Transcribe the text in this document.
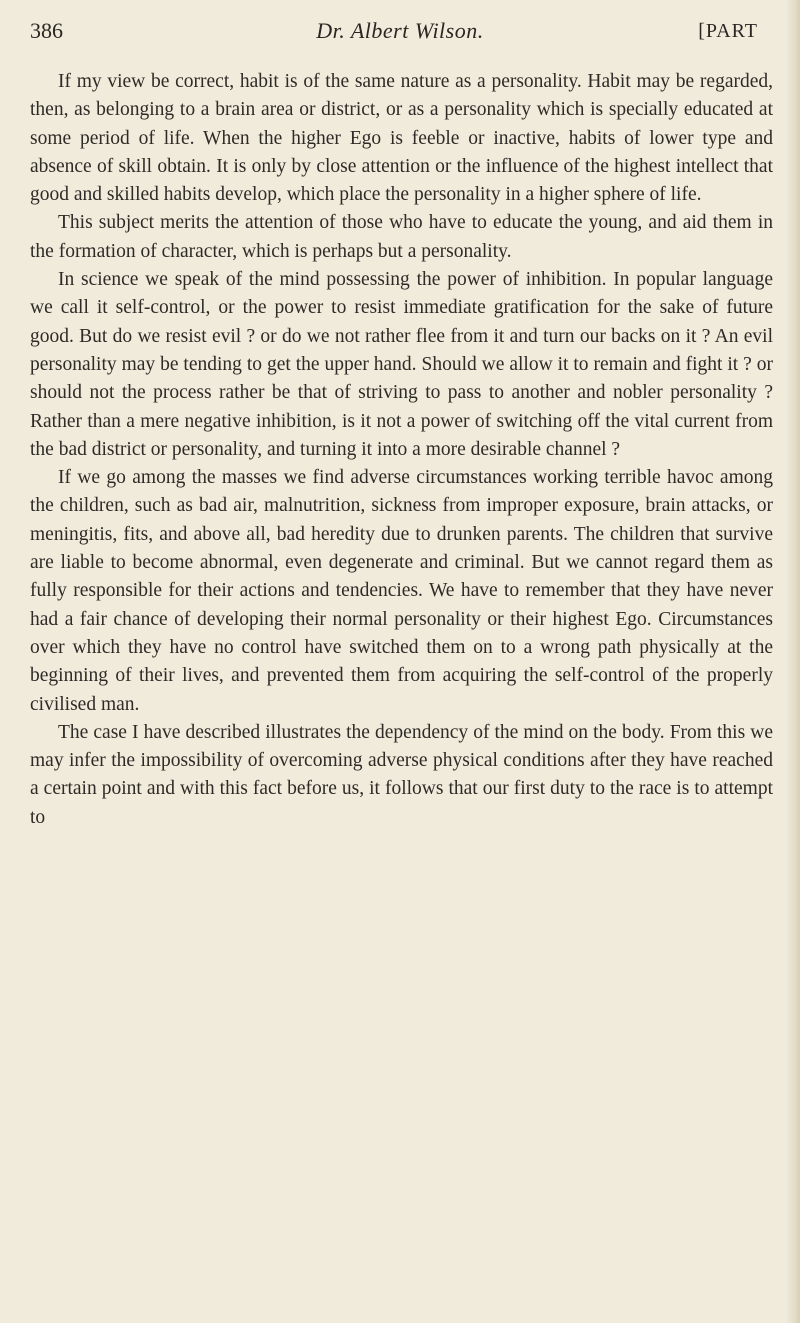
386	Dr. Albert Wilson.	[PART

If my view be correct, habit is of the same nature as a personality. Habit may be regarded, then, as belonging to a brain area or district, or as a personality which is specially educated at some period of life. When the higher Ego is feeble or inactive, habits of lower type and absence of skill obtain. It is only by close attention or the influence of the highest intellect that good and skilled habits develop, which place the personality in a higher sphere of life.

This subject merits the attention of those who have to educate the young, and aid them in the formation of character, which is perhaps but a personality.

In science we speak of the mind possessing the power of inhibition. In popular language we call it self-control, or the power to resist immediate gratification for the sake of future good. But do we resist evil ? or do we not rather flee from it and turn our backs on it ? An evil personality may be tending to get the upper hand. Should we allow it to remain and fight it ? or should not the process rather be that of striving to pass to another and nobler personality ? Rather than a mere negative inhibition, is it not a power of switching off the vital current from the bad district or personality, and turning it into a more desirable channel ?

If we go among the masses we find adverse circumstances working terrible havoc among the children, such as bad air, malnutrition, sickness from improper exposure, brain attacks, or meningitis, fits, and above all, bad heredity due to drunken parents. The children that survive are liable to become abnormal, even degenerate and criminal. But we cannot regard them as fully responsible for their actions and tendencies. We have to remember that they have never had a fair chance of developing their normal personality or their highest Ego. Circumstances over which they have no control have switched them on to a wrong path physically at the beginning of their lives, and prevented them from acquiring the self-control of the properly civilised man.

The case I have described illustrates the dependency of the mind on the body. From this we may infer the impossibility of overcoming adverse physical conditions after they have reached a certain point and with this fact before us, it follows that our first duty to the race is to attempt to
